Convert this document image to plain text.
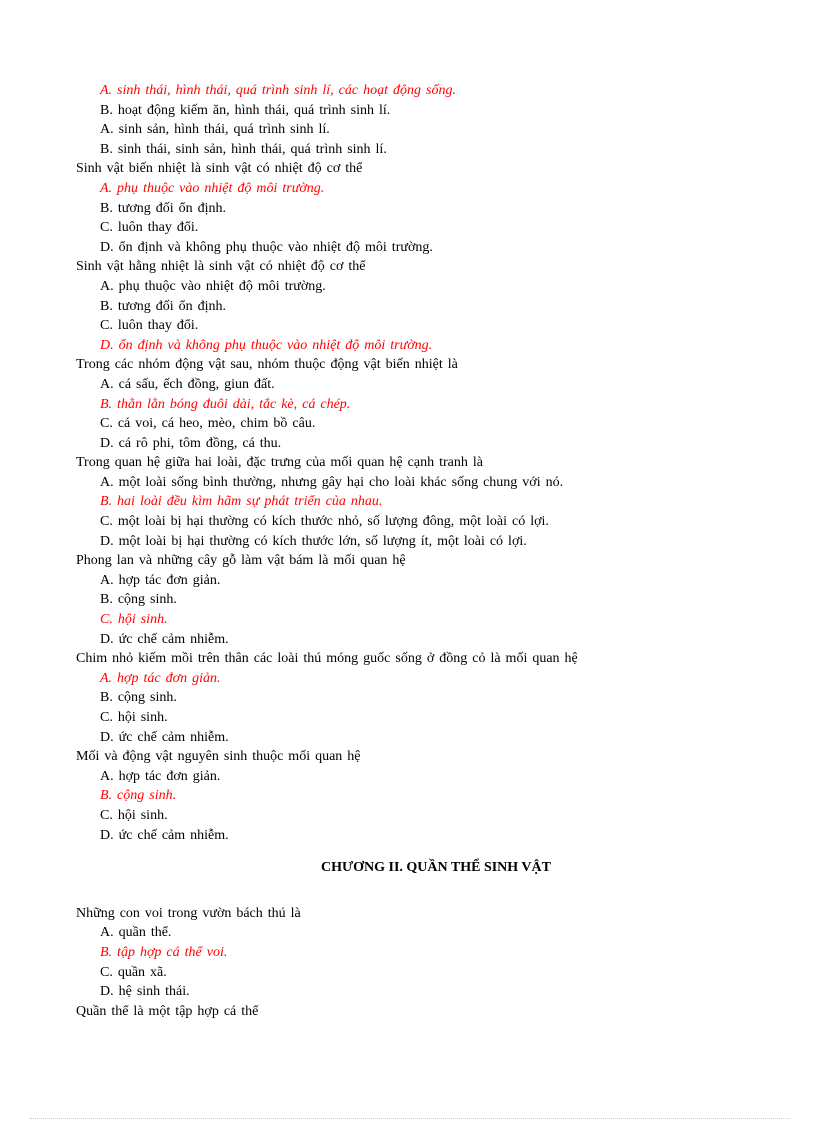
A. sinh thái, hình thái, quá trình sinh lí, các hoạt động sống.
B. hoạt động kiếm ăn, hình thái, quá trình sinh lí.
A. sinh sản, hình thái, quá trình sinh lí.
B. sinh thái, sinh sản, hình thái, quá trình sinh lí.
Sinh vật biến nhiệt là sinh vật có nhiệt độ cơ thể
A. phụ thuộc vào nhiệt độ môi trường.
B. tương đối ổn định.
C. luôn thay đổi.
D. ổn định và không phụ thuộc vào nhiệt độ môi trường.
Sinh vật hằng nhiệt là sinh vật có nhiệt độ cơ thể
A. phụ thuộc vào nhiệt độ môi trường.
B. tương đối ổn định.
C. luôn thay đổi.
D. ổn định và không phụ thuộc vào nhiệt độ môi trường.
Trong các nhóm động vật sau, nhóm thuộc động vật biến nhiệt là
A. cá sấu, ếch đồng, giun đất.
B. thằn lằn bóng đuôi dài, tắc kè, cá chép.
C. cá voi, cá heo, mèo, chim bồ câu.
D. cá rô phi, tôm đồng, cá thu.
Trong quan hệ giữa hai loài, đặc trưng của mối quan hệ cạnh tranh là
A. một loài sống bình thường, nhưng gây hại cho loài khác sống chung với nó.
B. hai loài đều kìm hãm sự phát triển của nhau.
C. một loài bị hại thường có kích thước nhỏ, số lượng đông, một loài có lợi.
D. một loài bị hại thường có kích thước lớn, số lượng ít, một loài có lợi.
Phong lan và những cây gỗ làm vật bám là mối quan hệ
A. hợp tác đơn giản.
B. cộng sinh.
C. hội sinh.
D. ức chế cảm nhiễm.
Chim nhỏ kiếm mồi trên thân các loài thú móng guốc sống ở đồng cỏ là mối quan hệ
A. hợp tác đơn giản.
B. cộng sinh.
C. hội sinh.
D. ức chế cảm nhiễm.
Mối và động vật nguyên sinh thuộc mối quan hệ
A. hợp tác đơn giản.
B. cộng sinh.
C. hội sinh.
D. ức chế cảm nhiễm.
CHƯƠNG II. QUẦN THỂ SINH VẬT
Những con voi trong vườn bách thú là
A. quần thể.
B. tập hợp cá thể voi.
C. quần xã.
D. hệ sinh thái.
Quần thể là một tập hợp cá thể
